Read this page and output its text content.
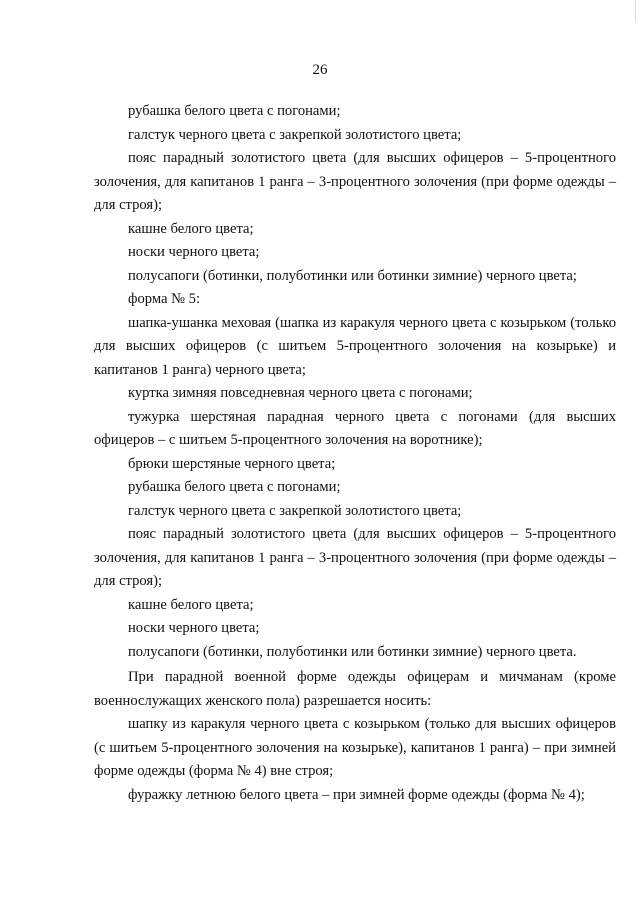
26

рубашка белого цвета с погонами;

галстук черного цвета с закрепкой золотистого цвета;

пояс парадный золотистого цвета (для высших офицеров – 5-процентного золочения, для капитанов 1 ранга – 3-процентного золочения (при форме одежды – для строя);

кашне белого цвета;

носки черного цвета;

полусапоги (ботинки, полуботинки или ботинки зимние) черного цвета;

форма № 5:

шапка-ушанка меховая (шапка из каракуля черного цвета с козырьком (только для высших офицеров (с шитьем 5-процентного золочения на козырьке) и капитанов 1 ранга) черного цвета;

куртка зимняя повседневная черного цвета с погонами;

тужурка шерстяная парадная черного цвета с погонами (для высших офицеров – с шитьем 5-процентного золочения на воротнике);

брюки шерстяные черного цвета;

рубашка белого цвета с погонами;

галстук черного цвета с закрепкой золотистого цвета;

пояс парадный золотистого цвета (для высших офицеров – 5-процентного золочения, для капитанов 1 ранга – 3-процентного золочения (при форме одежды – для строя);

кашне белого цвета;

носки черного цвета;

полусапоги (ботинки, полуботинки или ботинки зимние) черного цвета.

При парадной военной форме одежды офицерам и мичманам (кроме военнослужащих женского пола) разрешается носить:

шапку из каракуля черного цвета с козырьком (только для высших офицеров (с шитьем 5-процентного золочения на козырьке), капитанов 1 ранга) – при зимней форме одежды (форма № 4) вне строя;

фуражку летнюю белого цвета – при зимней форме одежды (форма № 4);
